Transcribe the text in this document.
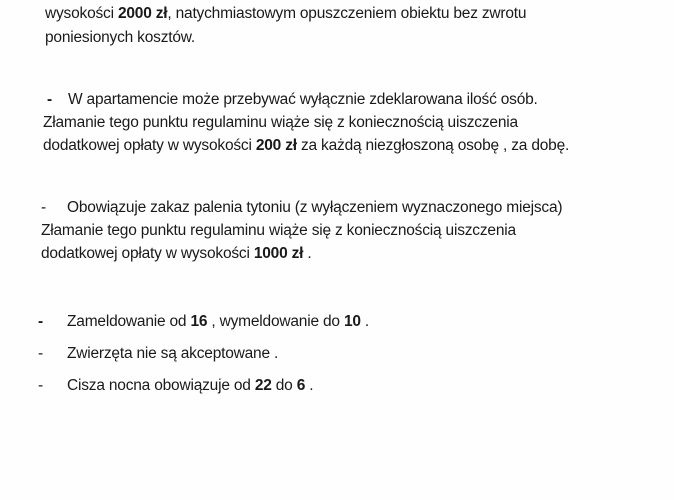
wysokości 2000 zł, natychmiastowym opuszczeniem obiektu bez zwrotu
poniesionych kosztów.
- W apartamencie może przebywać wyłącznie zdeklarowana ilość osób.
Złamanie tego punktu regulaminu wiąże się z koniecznością uiszczenia
dodatkowej opłaty w wysokości 200 zł za każdą niezgłoszoną osobę , za dobę.
- Obowiązuje zakaz palenia tytoniu (z wyłączeniem wyznaczonego miejsca)
Złamanie tego punktu regulaminu wiąże się z koniecznością uiszczenia
dodatkowej opłaty w wysokości 1000 zł .
- Zameldowanie od 16 , wymeldowanie do 10 .
- Zwierzęta nie są akceptowane .
- Cisza nocna obowiązuje od 22 do 6 .
